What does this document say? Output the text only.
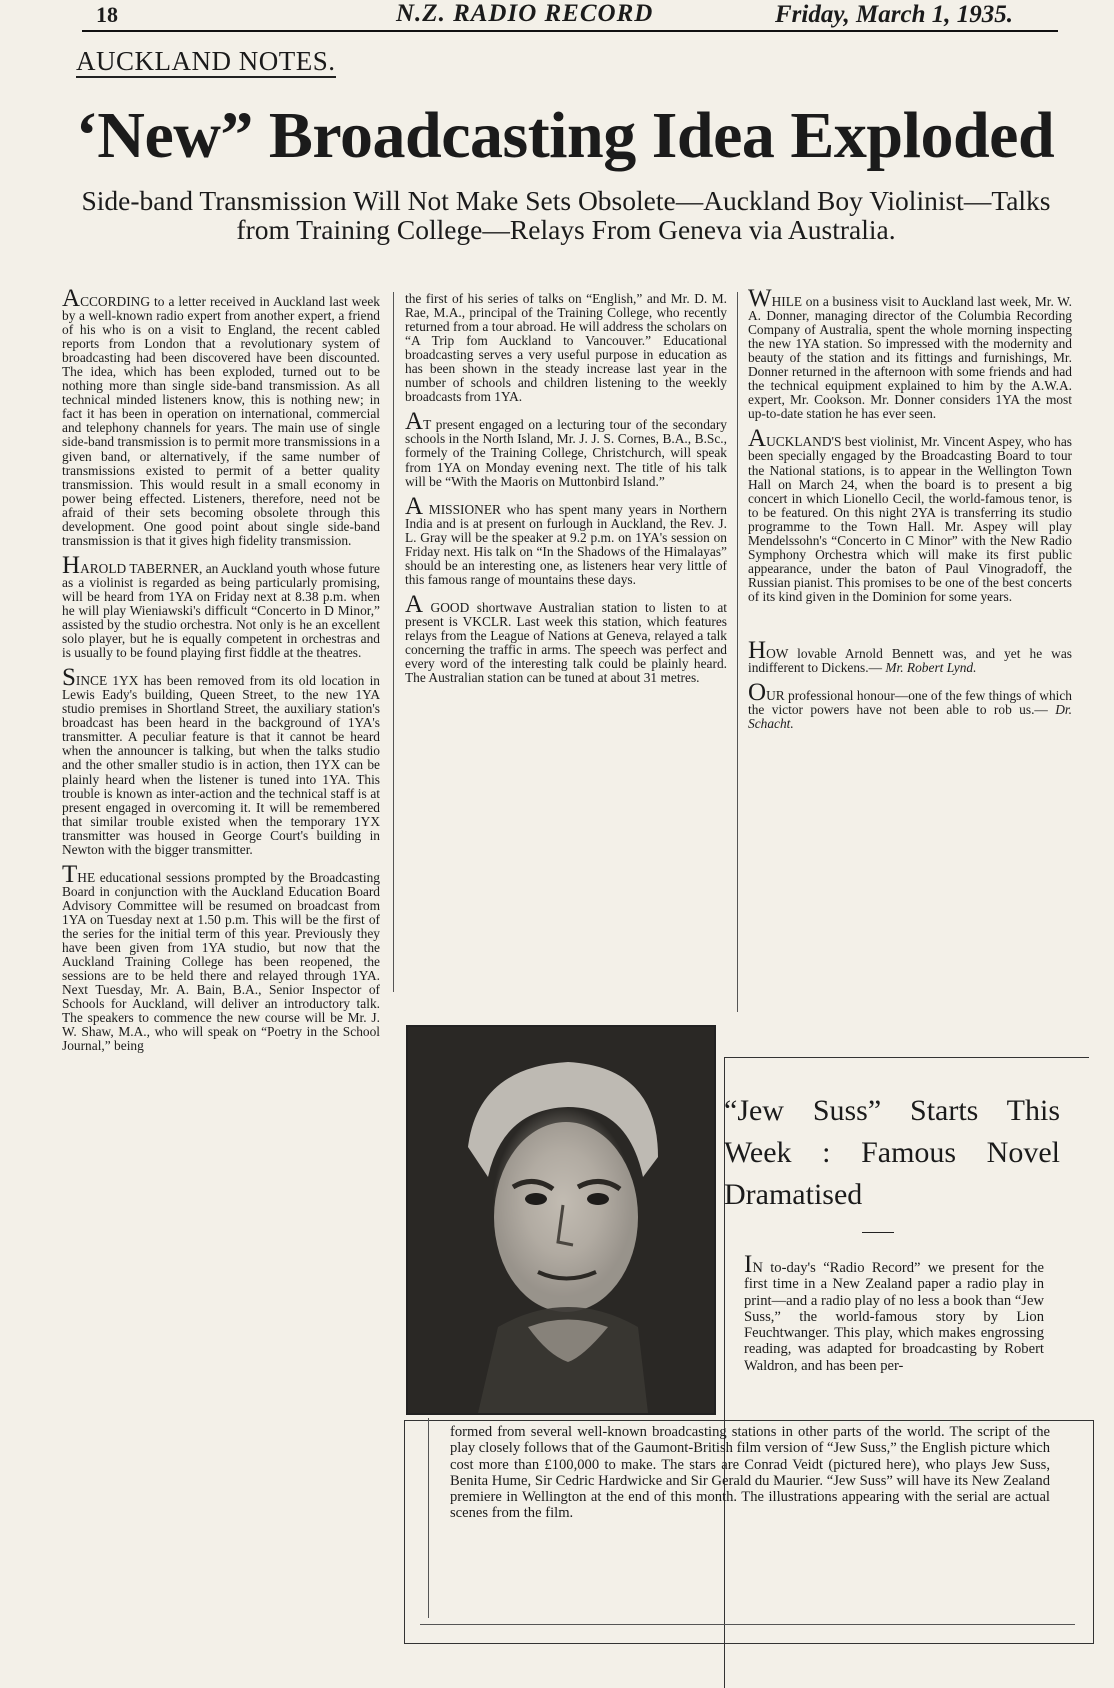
18	N.Z. RADIO RECORD	Friday, March 1, 1935.
AUCKLAND NOTES.
‘New” Broadcasting Idea Exploded
Side-band Transmission Will Not Make Sets Obsolete—Auckland Boy Violinist—Talks from Training College—Relays From Geneva via Australia.

ACCORDING to a letter received in Auckland last week by a well-known radio expert from another expert, a friend of his who is on a visit to England, the recent cabled reports from London that a revolutionary system of broadcasting had been discovered have been discounted. The idea, which has been exploded, turned out to be nothing more than single side-band transmission. As all technical minded listeners know, this is nothing new; in fact it has been in operation on international, commercial and telephony channels for years. The main use of single side-band transmission is to permit more transmissions in a given band, or alternatively, if the same number of transmissions existed to permit of a better quality transmission. This would result in a small economy in power being effected. Listeners, therefore, need not be afraid of their sets becoming obsolete through this development. One good point about single side-band transmission is that it gives high fidelity transmission.

HAROLD TABERNER, an Auckland youth whose future as a violinist is regarded as being particularly promising, will be heard from 1YA on Friday next at 8.38 p.m. when he will play Wieniawski's difficult “Concerto in D Minor,” assisted by the studio orchestra. Not only is he an excellent solo player, but he is equally competent in orchestras and is usually to be found playing first fiddle at the theatres.

SINCE 1YX has been removed from its old location in Lewis Eady's building, Queen Street, to the new 1YA studio premises in Shortland Street, the auxiliary station's broadcast has been heard in the background of 1YA's transmitter. A peculiar feature is that it cannot be heard when the announcer is talking, but when the talks studio and the other smaller studio is in action, then 1YX can be plainly heard when the listener is tuned into 1YA. This trouble is known as inter-action and the technical staff is at present engaged in overcoming it. It will be remembered that similar trouble existed when the temporary 1YX transmitter was housed in George Court's building in Newton with the bigger transmitter.

THE educational sessions prompted by the Broadcasting Board in conjunction with the Auckland Education Board Advisory Committee will be resumed on broadcast from 1YA on Tuesday next at 1.50 p.m. This will be the first of the series for the initial term of this year. Previously they have been given from 1YA studio, but now that the Auckland Training College has been reopened, the sessions are to be held there and relayed through 1YA. Next Tuesday, Mr. A. Bain, B.A., Senior Inspector of Schools for Auckland, will deliver an introductory talk. The speakers to commence the new course will be Mr. J. W. Shaw, M.A., who will speak on “Poetry in the School Journal,” being

the first of his series of talks on “English,” and Mr. D. M. Rae, M.A., principal of the Training College, who recently returned from a tour abroad. He will address the scholars on “A Trip fom Auckland to Vancouver.” Educational broadcasting serves a very useful purpose in education as has been shown in the steady increase last year in the number of schools and children listening to the weekly broadcasts from 1YA.

AT present engaged on a lecturing tour of the secondary schools in the North Island, Mr. J. J. S. Cornes, B.A., B.Sc., formely of the Training College, Christchurch, will speak from 1YA on Monday evening next. The title of his talk will be “With the Maoris on Muttonbird Island.”

A MISSIONER who has spent many years in Northern India and is at present on furlough in Auckland, the Rev. J. L. Gray will be the speaker at 9.2 p.m. on 1YA's session on Friday next. His talk on “In the Shadows of the Himalayas” should be an interesting one, as listeners hear very little of this famous range of mountains these days.

A GOOD shortwave Australian station to listen to at present is VKCLR. Last week this station, which features relays from the League of Nations at Geneva, relayed a talk concerning the traffic in arms. The speech was perfect and every word of the interesting talk could be plainly heard. The Australian station can be tuned at about 31 metres.

WHILE on a business visit to Auckland last week, Mr. W. A. Donner, managing director of the Columbia Recording Company of Australia, spent the whole morning inspecting the new 1YA station. So impressed with the modernity and beauty of the station and its fittings and furnishings, Mr. Donner returned in the afternoon with some friends and had the technical equipment explained to him by the A.W.A. expert, Mr. Cookson. Mr. Donner considers 1YA the most up-to-date station he has ever seen.

AUCKLAND'S best violinist, Mr. Vincent Aspey, who has been specially engaged by the Broadcasting Board to tour the National stations, is to appear in the Wellington Town Hall on March 24, when the board is to present a big concert in which Lionello Cecil, the world-famous tenor, is to be featured. On this night 2YA is transferring its studio programme to the Town Hall. Mr. Aspey will play Mendelssohn's “Concerto in C Minor” with the New Radio Symphony Orchestra which will make its first public appearance, under the baton of Paul Vinogradoff, the Russian pianist. This promises to be one of the best concerts of its kind given in the Dominion for some years.

HOW lovable Arnold Bennett was, and yet he was indifferent to Dickens.— Mr. Robert Lynd.

OUR professional honour—one of the few things of which the victor powers have not been able to rob us.— Dr. Schacht.

“Jew Suss” Starts This Week : Famous Novel Dramatised
IN to-day's “Radio Record” we present for the first time in a New Zealand paper a radio play in print—and a radio play of no less a book than “Jew Suss,” the world-famous story by Lion Feuchtwanger. This play, which makes engrossing reading, was adapted for broadcasting by Robert Waldron, and has been per-

formed from several well-known broadcasting stations in other parts of the world. The script of the play closely follows that of the Gaumont-British film version of “Jew Suss,” the English picture which cost more than £100,000 to make. The stars are Conrad Veidt (pictured here), who plays Jew Suss, Benita Hume, Sir Cedric Hardwicke and Sir Gerald du Maurier. “Jew Suss” will have its New Zealand premiere in Wellington at the end of this month. The illustrations appearing with the serial are actual scenes from the film.
